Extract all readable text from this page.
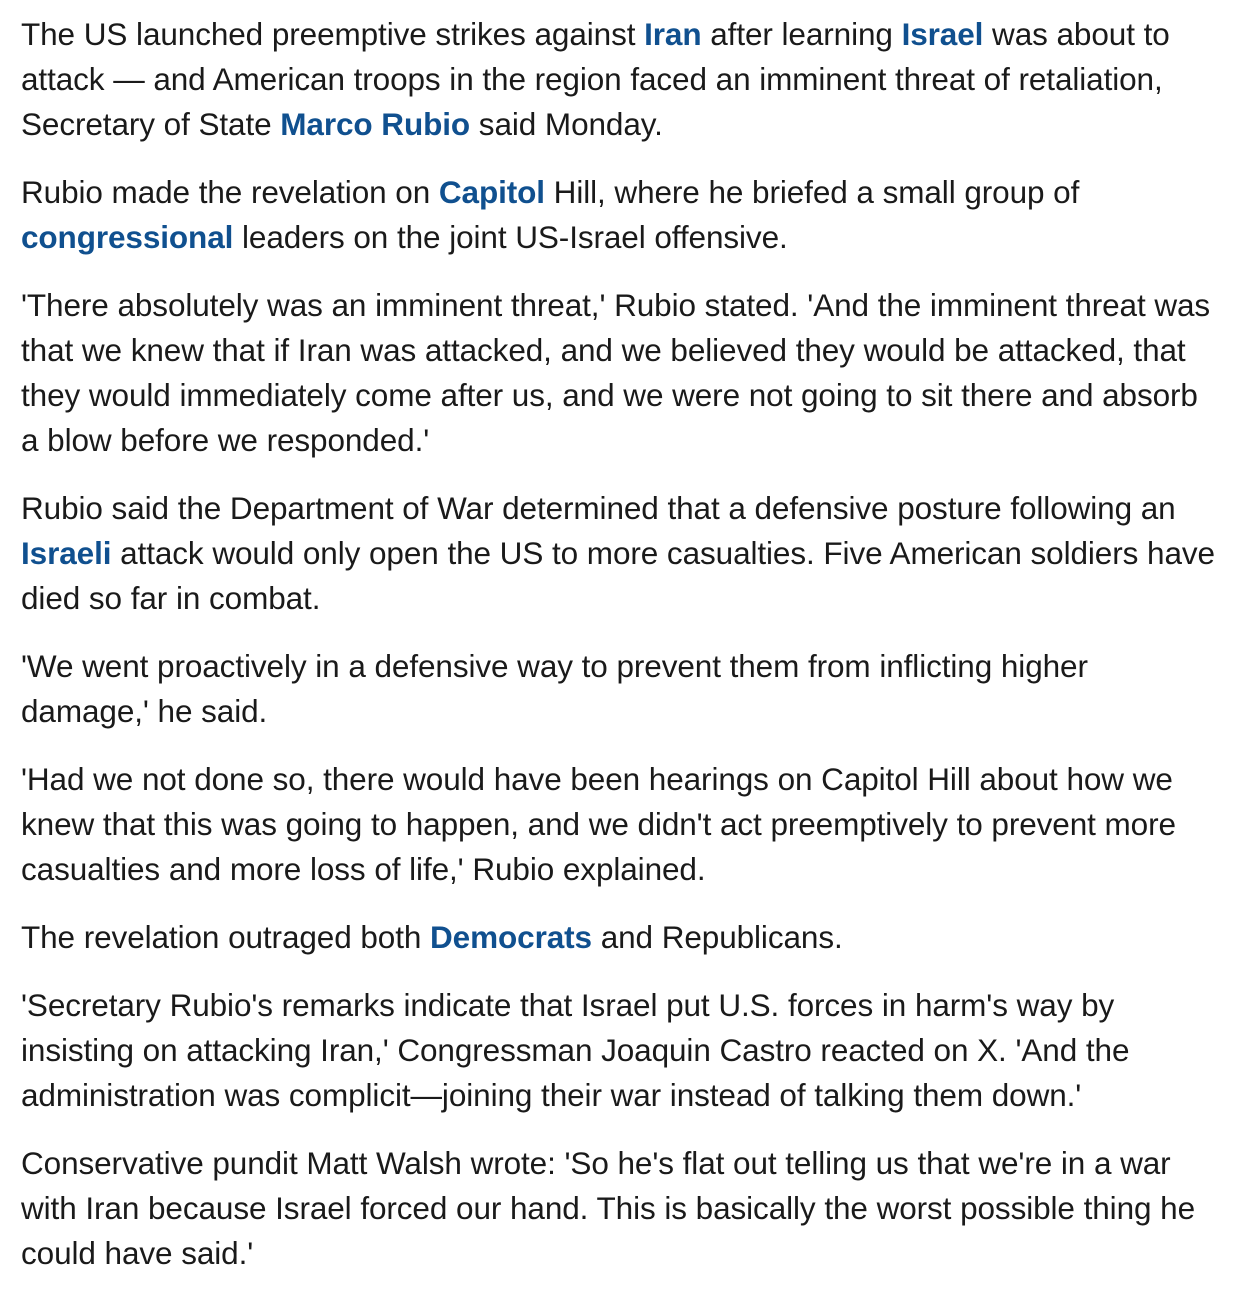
The US launched preemptive strikes against Iran after learning Israel was about to attack — and American troops in the region faced an imminent threat of retaliation, Secretary of State Marco Rubio said Monday.

Rubio made the revelation on Capitol Hill, where he briefed a small group of congressional leaders on the joint US-Israel offensive.

'There absolutely was an imminent threat,' Rubio stated. 'And the imminent threat was that we knew that if Iran was attacked, and we believed they would be attacked, that they would immediately come after us, and we were not going to sit there and absorb a blow before we responded.'

Rubio said the Department of War determined that a defensive posture following an Israeli attack would only open the US to more casualties. Five American soldiers have died so far in combat.

'We went proactively in a defensive way to prevent them from inflicting higher damage,' he said.

'Had we not done so, there would have been hearings on Capitol Hill about how we knew that this was going to happen, and we didn't act preemptively to prevent more casualties and more loss of life,' Rubio explained.

The revelation outraged both Democrats and Republicans.

'Secretary Rubio's remarks indicate that Israel put U.S. forces in harm's way by insisting on attacking Iran,' Congressman Joaquin Castro reacted on X. 'And the administration was complicit—joining their war instead of talking them down.'

Conservative pundit Matt Walsh wrote: 'So he's flat out telling us that we're in a war with Iran because Israel forced our hand. This is basically the worst possible thing he could have said.'
